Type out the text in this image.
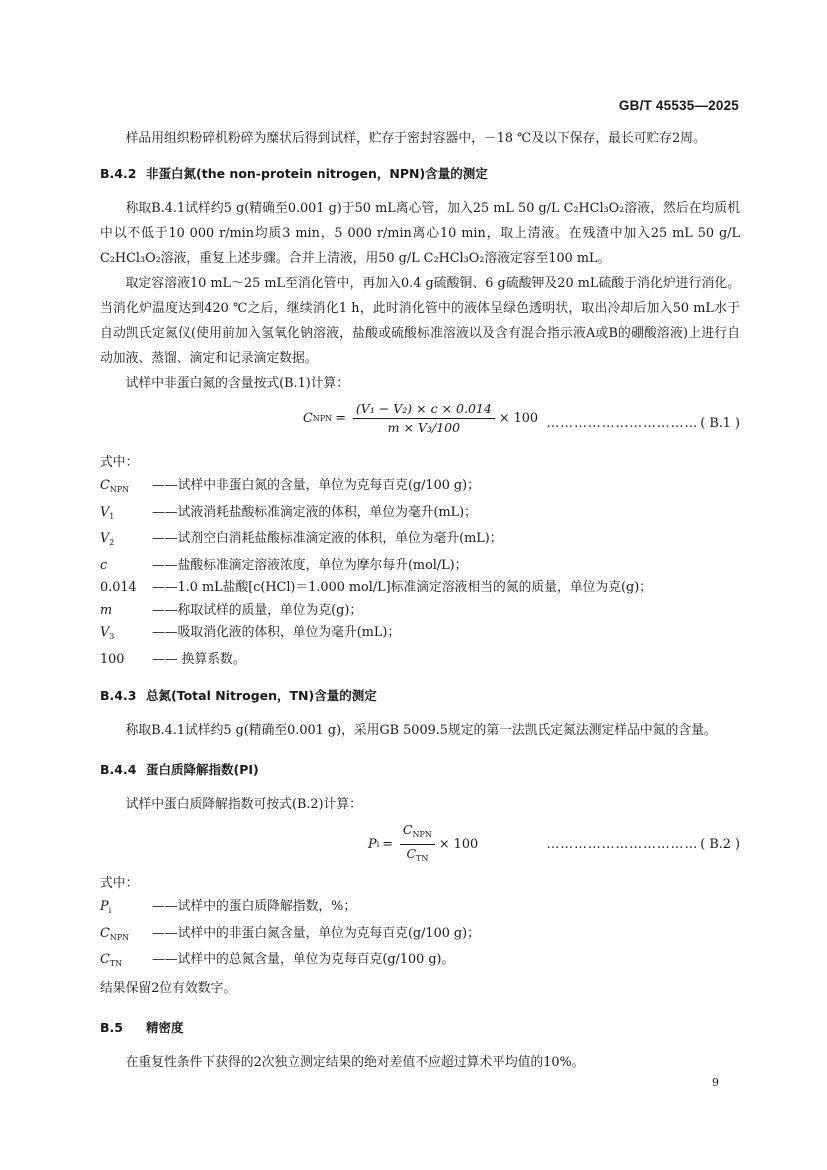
GB/T 45535—2025

样品用组织粉碎机粉碎为糜状后得到试样，贮存于密封容器中，－18 ℃及以下保存，最长可贮存2周。

B.4.2 非蛋白氮(the non-protein nitrogen，NPN)含量的测定

称取B.4.1试样约5 g(精确至0.001 g)于50 mL离心管，加入25 mL 50 g/L C₂HCl₃O₂溶液，然后在均质机中以不低于10 000 r/min均质3 min，5 000 r/min离心10 min，取上清液。在残渣中加入25 mL 50 g/L C₂HCl₃O₂溶液，重复上述步骤。合并上清液，用50 g/L C₂HCl₃O₂溶液定容至100 mL。

取定容溶液10 mL～25 mL至消化管中，再加入0.4 g硫酸铜、6 g硫酸钾及20 mL硫酸于消化炉进行消化。当消化炉温度达到420 ℃之后，继续消化1 h，此时消化管中的液体呈绿色透明状，取出冷却后加入50 mL水于自动凯氏定氮仪(使用前加入氢氧化钠溶液，盐酸或硫酸标准溶液以及含有混合指示液A或B的硼酸溶液)上进行自动加液、蒸馏、滴定和记录滴定数据。

试样中非蛋白氮的含量按式(B.1)计算：

C NPN = $\frac{\text{(V₁ − V₂) × c × 0.014}}{\text{m × V₃/100}} \times 100$ …………………………… ( B.1 )

式中：

$C_{NPN}$	——试样中非蛋白氮的含量，单位为克每百克(g/100 g)；
$V_1$	——试液消耗盐酸标准滴定液的体积，单位为毫升(mL)；
$V_2$	——试剂空白消耗盐酸标准滴定液的体积，单位为毫升(mL)；
c	——盐酸标准滴定溶液浓度，单位为摩尔每升(mol/L)；
0.014	——1.0 mL盐酸[c(HCl)＝1.000 mol/L]标准滴定溶液相当的氮的质量，单位为克(g)；
m	——称取试样的质量，单位为克(g)；
$V_3$	——吸取消化液的体积，单位为毫升(mL)；
100	—— 换算系数。
B.4.3 总氮(Total Nitrogen，TN)含量的测定

称取B.4.1试样约5 g(精确至0.001 g)，采用GB 5009.5规定的第一法凯氏定氮法测定样品中氮的含量。

B.4.4 蛋白质降解指数(PI)

试样中蛋白质降解指数可按式(B.2)计算：

P $i = \frac{C_{NPN}}{C_{TN}} \times 100$	…………………………… ( B.2 )

式中：

$P_i$	——试样中的蛋白质降解指数，%；
$C_{NPN}$	——试样中的非蛋白氮含量，单位为克每百克(g/100 g)；
$C_{TN}$	——试样中的总氮含量，单位为克每百克(g/100 g)。

结果保留2位有效数字。

B.5 精密度

在重复性条件下获得的2次独立测定结果的绝对差值不应超过算术平均值的10%。

9
